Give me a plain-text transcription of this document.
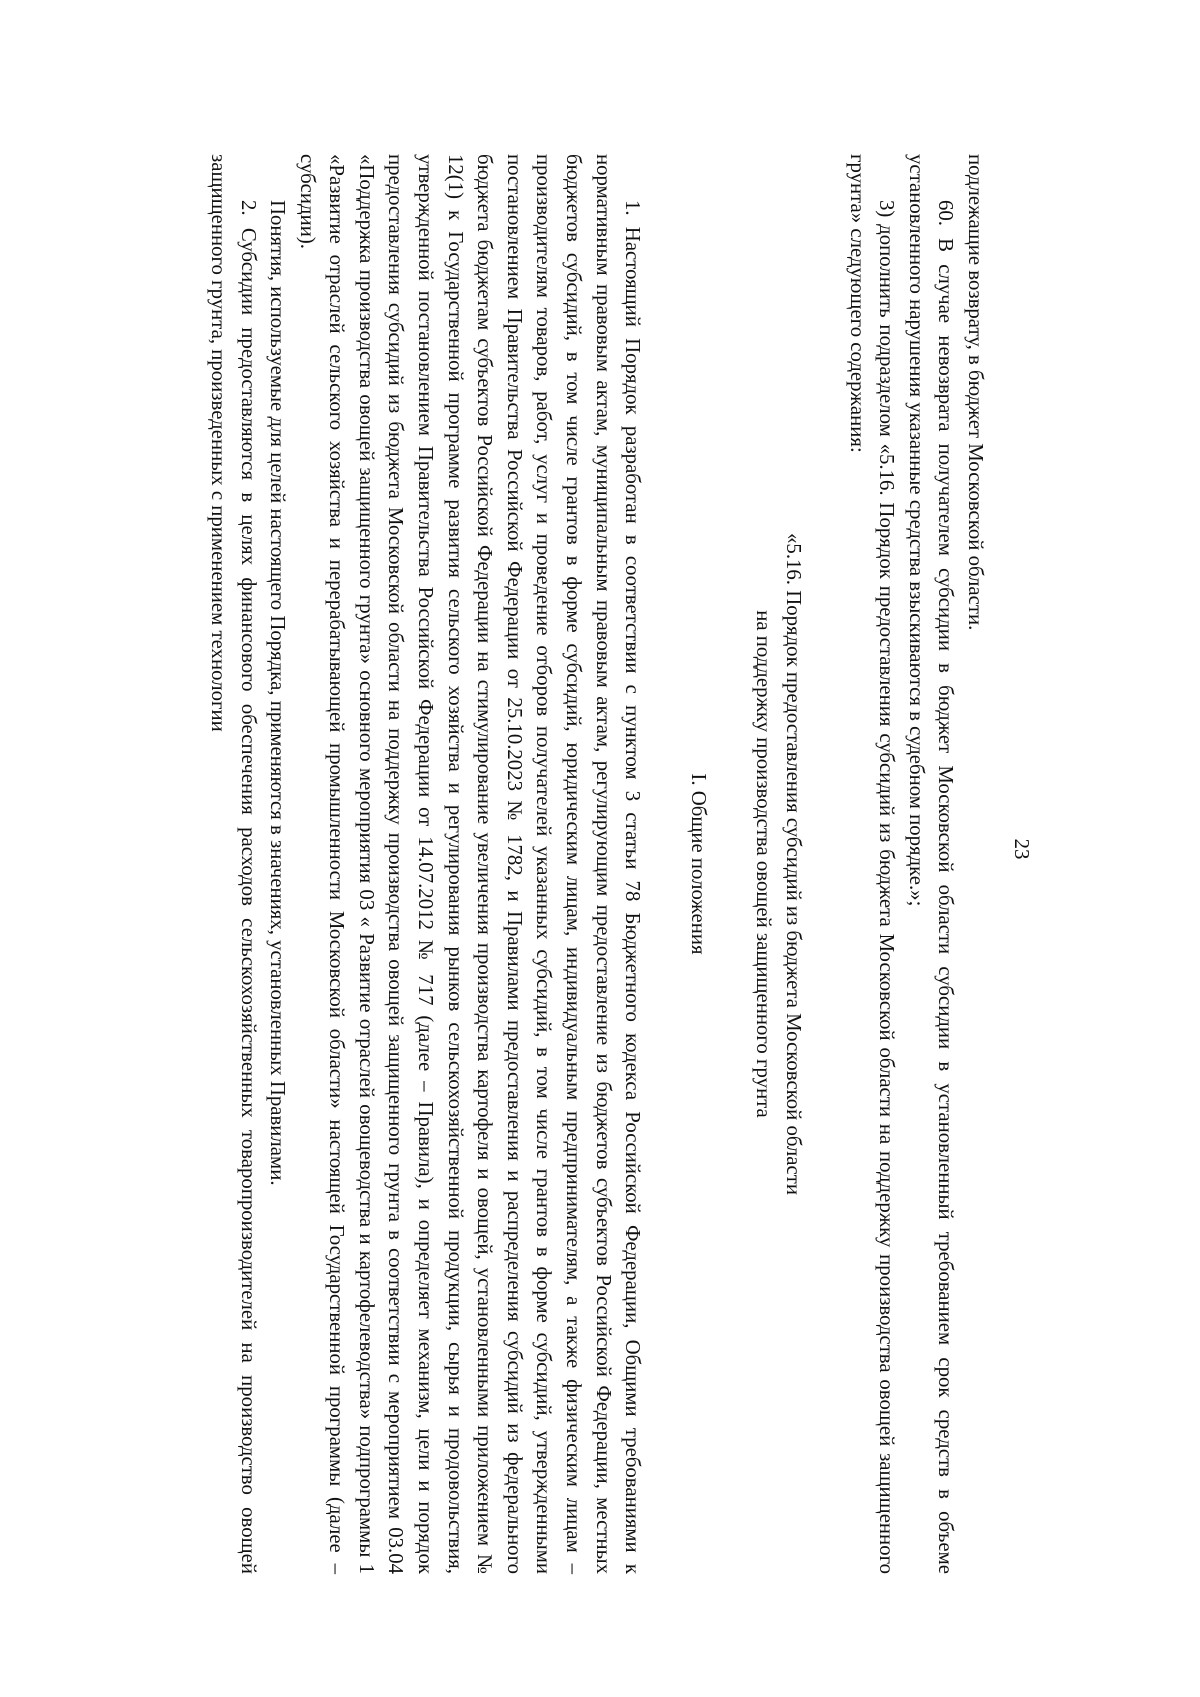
23

подлежащие возврату, в бюджет Московской области.

60. В случае невозврата получателем субсидии в бюджет Московской области субсидии в установленный требованием срок средств в объеме установленного нарушения указанные средства взыскиваются в судебном порядке.»;

3) дополнить подразделом «5.16. Порядок предоставления субсидий из бюджета Московской области на поддержку производства овощей защищенного грунта» следующего содержания:

«5.16. Порядок предоставления субсидий из бюджета Московской области

на поддержку производства овощей защищенного грунта

I. Общие положения

1. Настоящий Порядок разработан в соответствии с пунктом 3 статьи 78 Бюджетного кодекса Российской Федерации, Общими требованиями к нормативным правовым актам, муниципальным правовым актам, регулирующим предоставление из бюджетов субъектов Российской Федерации, местных бюджетов субсидий, в том числе грантов в форме субсидий, юридическим лицам, индивидуальным предпринимателям, а также физическим лицам – производителям товаров, работ, услуг и проведение отборов получателей указанных субсидий, в том числе грантов в форме субсидий, утвержденными постановлением Правительства Российской Федерации от 25.10.2023 № 1782, и Правилами предоставления и распределения субсидий из федерального бюджета бюджетам субъектов Российской Федерации на стимулирование увеличения производства картофеля и овощей, установленными приложением № 12(1) к Государственной программе развития сельского хозяйства и регулирования рынков сельскохозяйственной продукции, сырья и продовольствия, утвержденной постановлением Правительства Российской Федерации от 14.07.2012 № 717 (далее – Правила), и определяет механизм, цели и порядок предоставления субсидий из бюджета Московской области на поддержку производства овощей защищенного грунта в соответствии с мероприятием 03.04 «Поддержка производства овощей защищенного грунта» основного мероприятия 03 « Развитие отраслей овощеводства и картофелеводства» подпрограммы 1 «Развитие отраслей сельского хозяйства и перерабатывающей промышленности Московской области» настоящей Государственной программы (далее – субсидии).

Понятия, используемые для целей настоящего Порядка, применяются в значениях, установленных Правилами.

2. Субсидии предоставляются в целях финансового обеспечения расходов сельскохозяйственных товаропроизводителей на производство овощей защищенного грунта, произведенных с применением технологии
